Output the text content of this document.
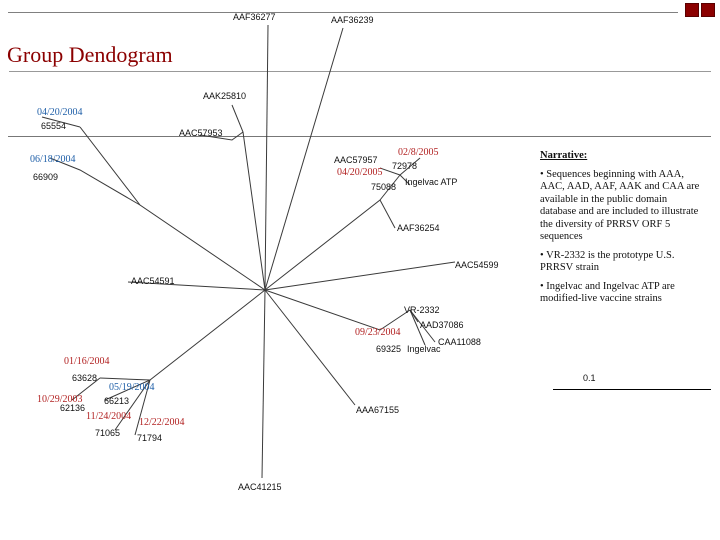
Group Dendogram
AAF36277	AAF36239
AAK25810
04/20/2004
65554
AAC57953
06/18/2004
66909
AAC57957
02/8/2005
72978
04/20/2005
Ingelvac ATP
75088
AAF36254
AAC54599
AAC54591
VR-2332
AAD37086
09/23/2004
CAA11088
69325 Ingelvac
01/16/2004
63628	0.1
05/19/2004
10/29/2003 66213
62136	AAA67155
11/24/2004
12/22/2004
71065 71794
AAC41215
Narrative:
• Sequences beginning with AAA, AAC, AAD, AAF, AAK and CAA are available in the public domain database and are included to illustrate the diversity of PRRSV ORF 5 sequences
• VR-2332 is the prototype U.S. PRRSV strain
• Ingelvac and Ingelvac ATP are modified-live vaccine strains
